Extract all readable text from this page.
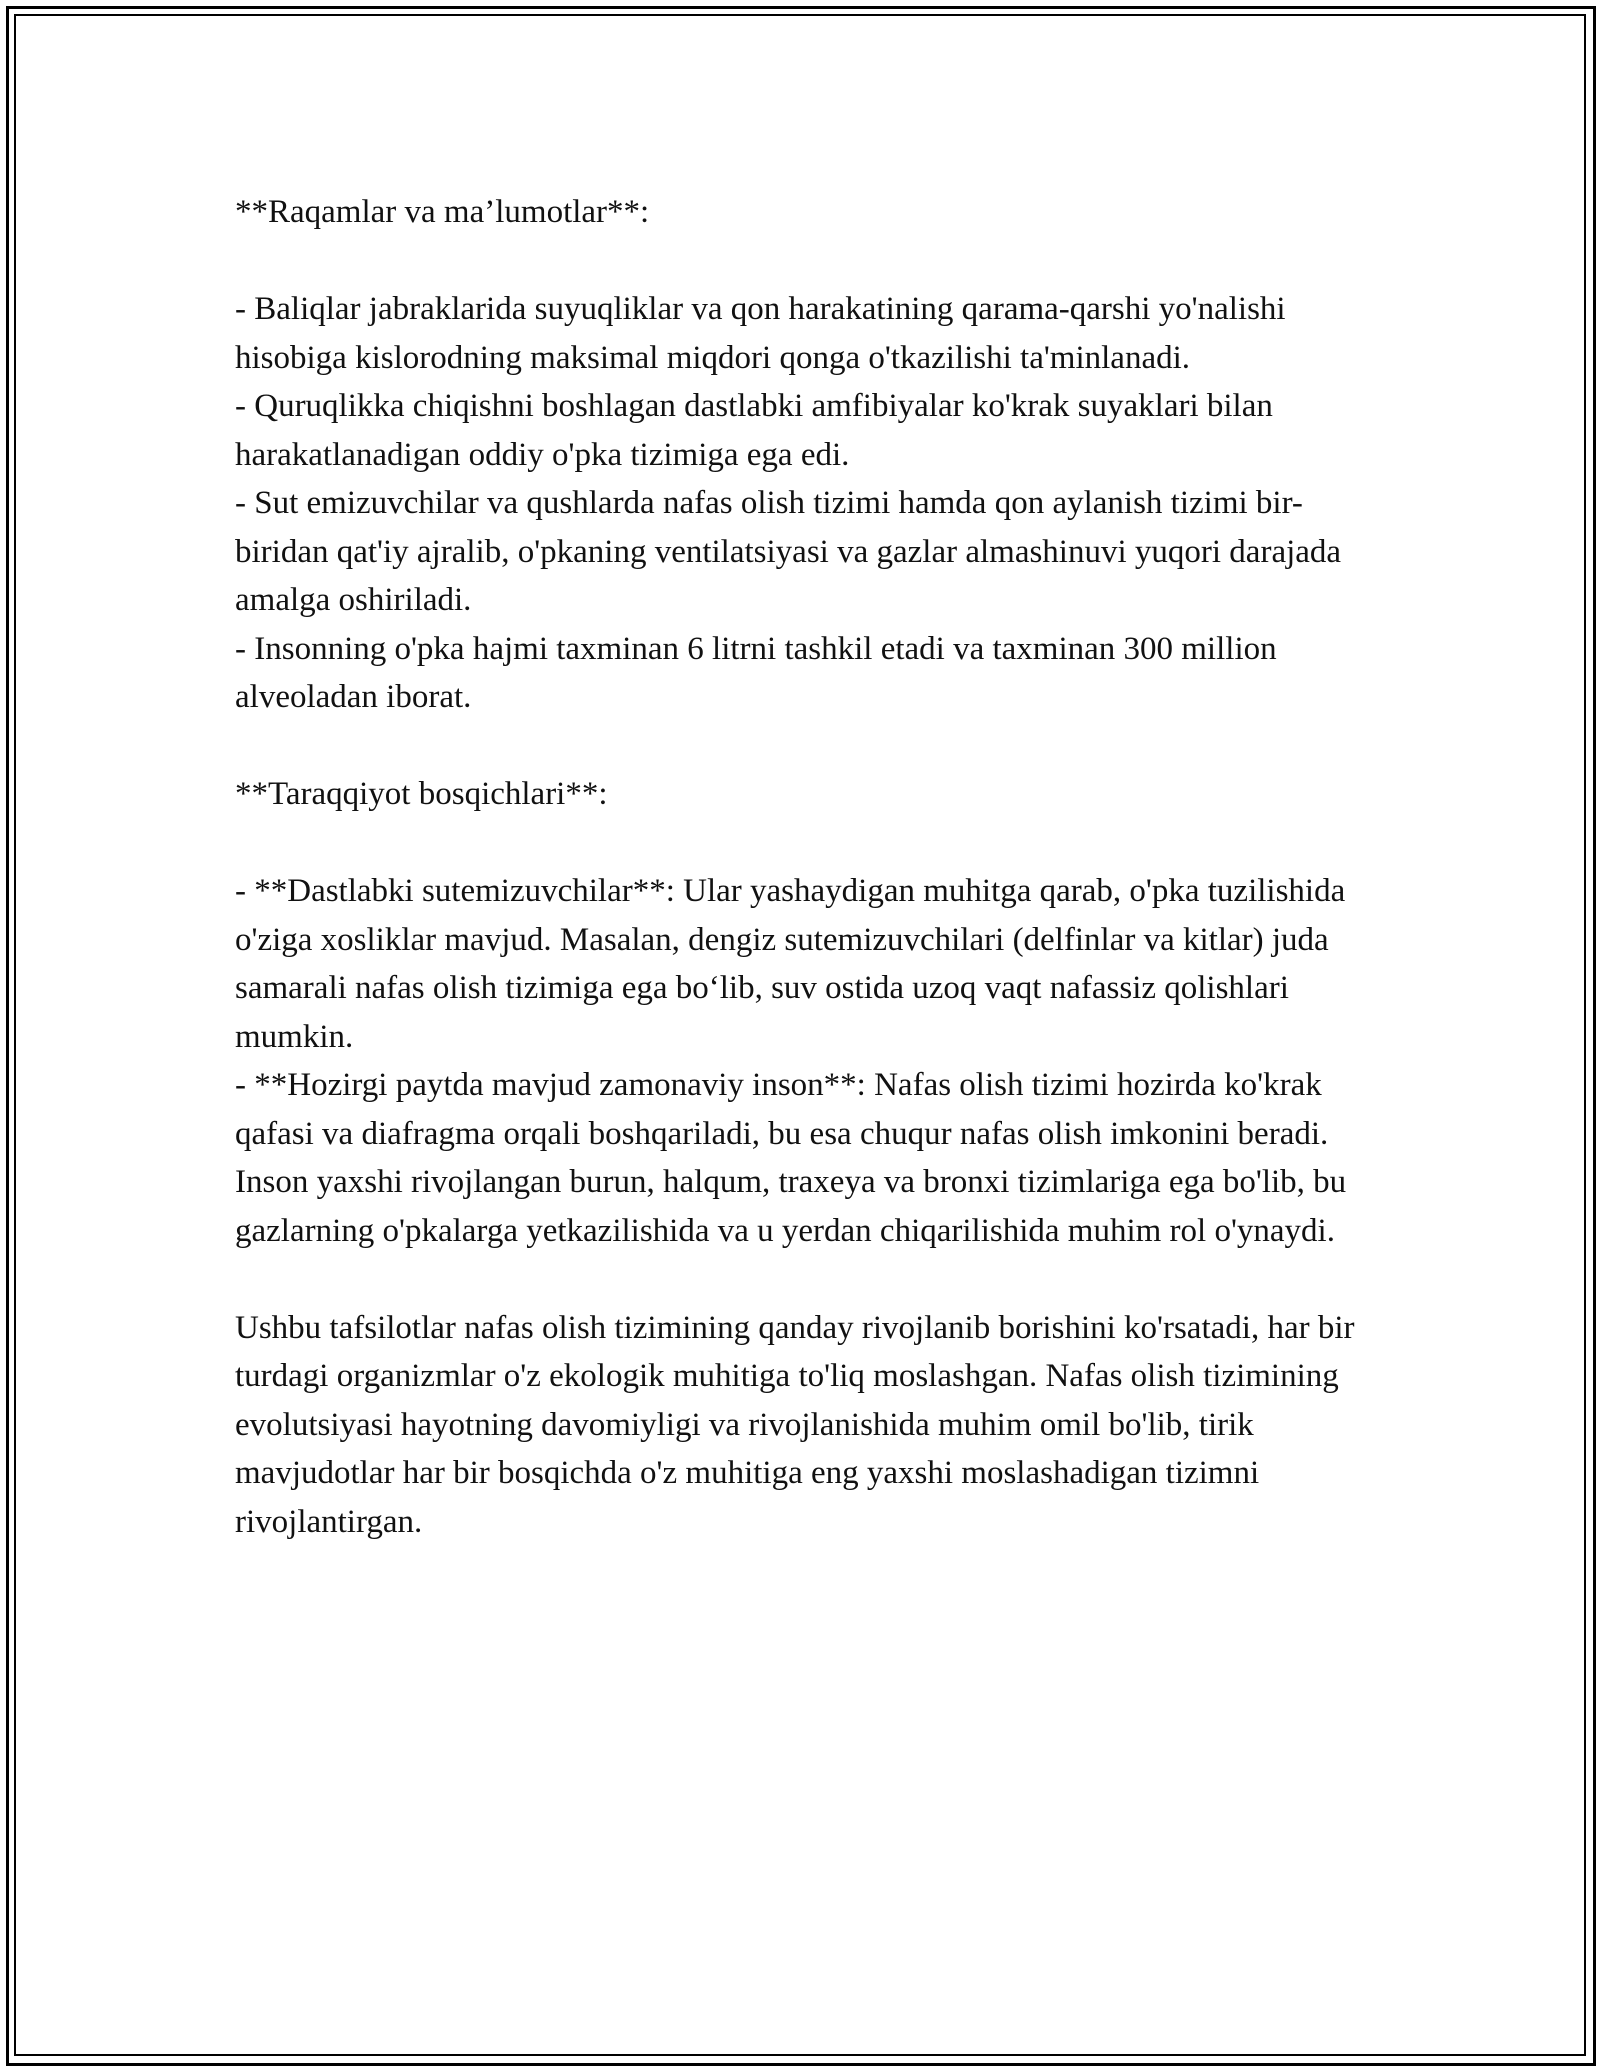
**Raqamlar va ma’lumotlar**:

- Baliqlar jabraklarida suyuqliklar va qon harakatining qarama-qarshi yo'nalishi hisobiga kislorodning maksimal miqdori qonga o'tkazilishi ta'minlanadi.

- Quruqlikka chiqishni boshlagan dastlabki amfibiyalar ko'krak suyaklari bilan harakatlanadigan oddiy o'pka tizimiga ega edi.

- Sut emizuvchilar va qushlarda nafas olish tizimi hamda qon aylanish tizimi bir-biridan qat'iy ajralib, o'pkaning ventilatsiyasi va gazlar almashinuvi yuqori darajada amalga oshiriladi.

- Insonning o'pka hajmi taxminan 6 litrni tashkil etadi va taxminan 300 million alveoladan iborat.

**Taraqqiyot bosqichlari**:

- **Dastlabki sutemizuvchilar**: Ular yashaydigan muhitga qarab, o'pka tuzilishida o'ziga xosliklar mavjud. Masalan, dengiz sutemizuvchilari (delfinlar va kitlar) juda samarali nafas olish tizimiga ega bo‘lib, suv ostida uzoq vaqt nafassiz qolishlari mumkin.

- **Hozirgi paytda mavjud zamonaviy inson**: Nafas olish tizimi hozirda ko'krak qafasi va diafragma orqali boshqariladi, bu esa chuqur nafas olish imkonini beradi. Inson yaxshi rivojlangan burun, halqum, traxeya va bronxi tizimlariga ega bo'lib, bu gazlarning o'pkalarga yetkazilishida va u yerdan chiqarilishida muhim rol o'ynaydi.

Ushbu tafsilotlar nafas olish tizimining qanday rivojlanib borishini ko'rsatadi, har bir turdagi organizmlar o'z ekologik muhitiga to'liq moslashgan. Nafas olish tizimining evolutsiyasi hayotning davomiyligi va rivojlanishida muhim omil bo'lib, tirik mavjudotlar har bir bosqichda o'z muhitiga eng yaxshi moslashadigan tizimni rivojlantirgan.
